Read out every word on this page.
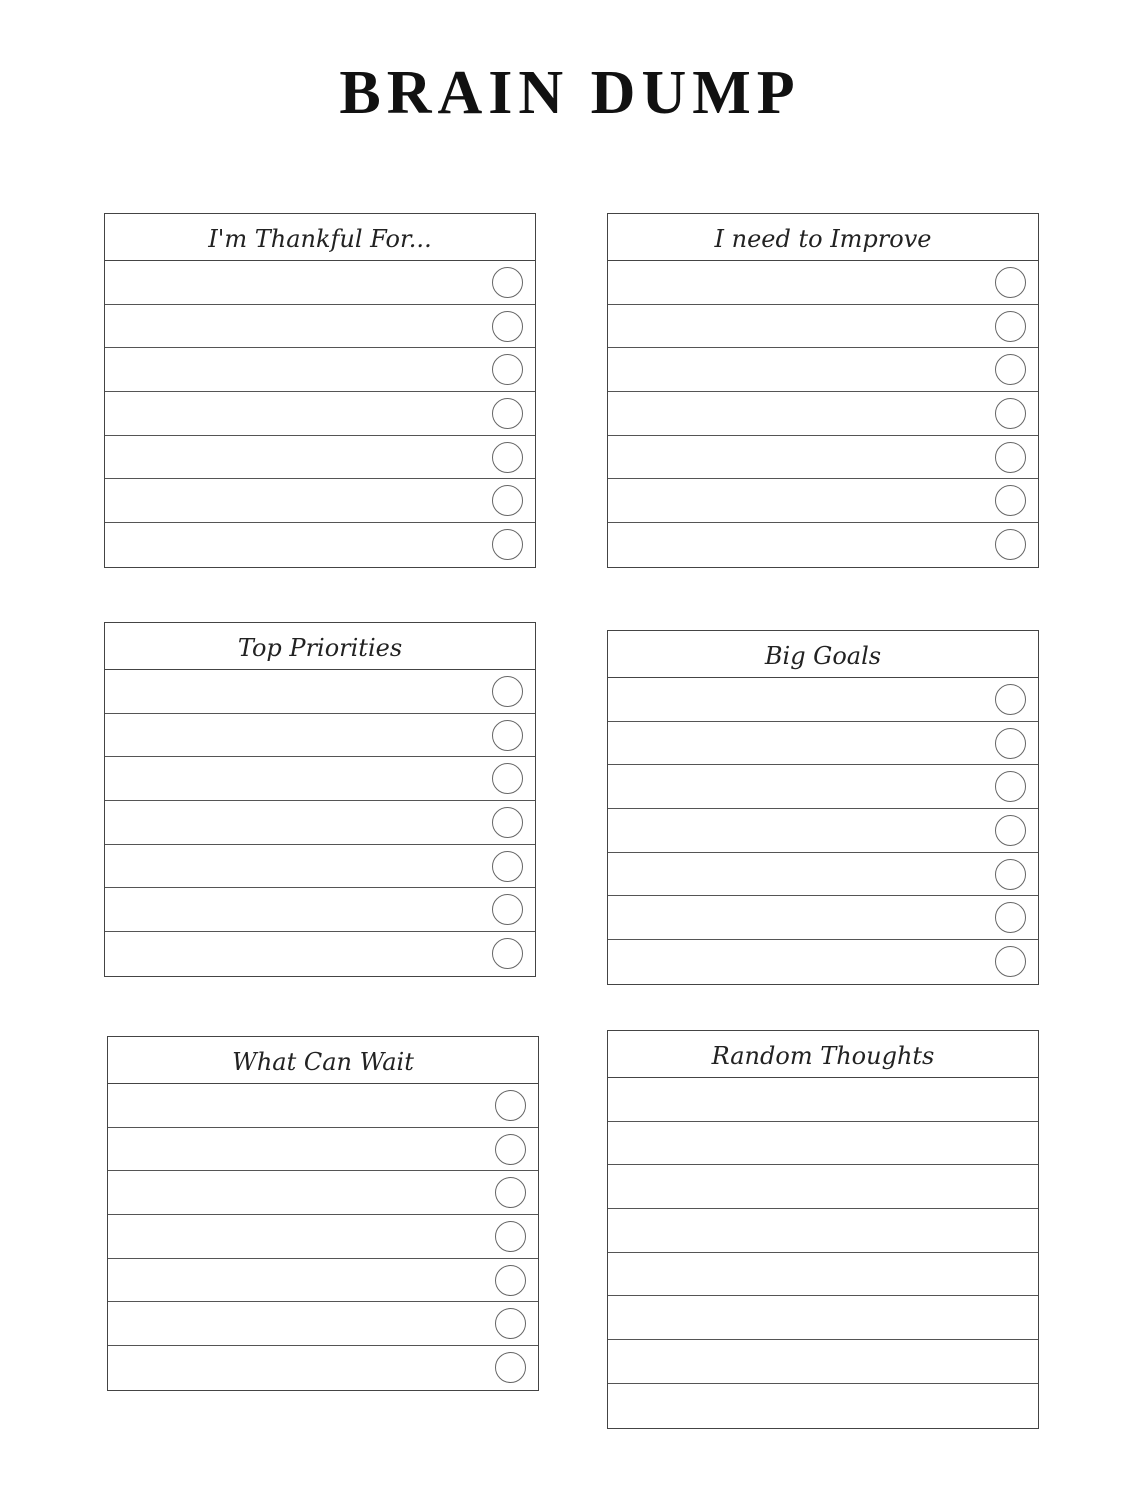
BRAIN DUMP
I'm Thankful For...	I need to Improve
Top Priorities	Big Goals
What Can Wait	Random Thoughts
